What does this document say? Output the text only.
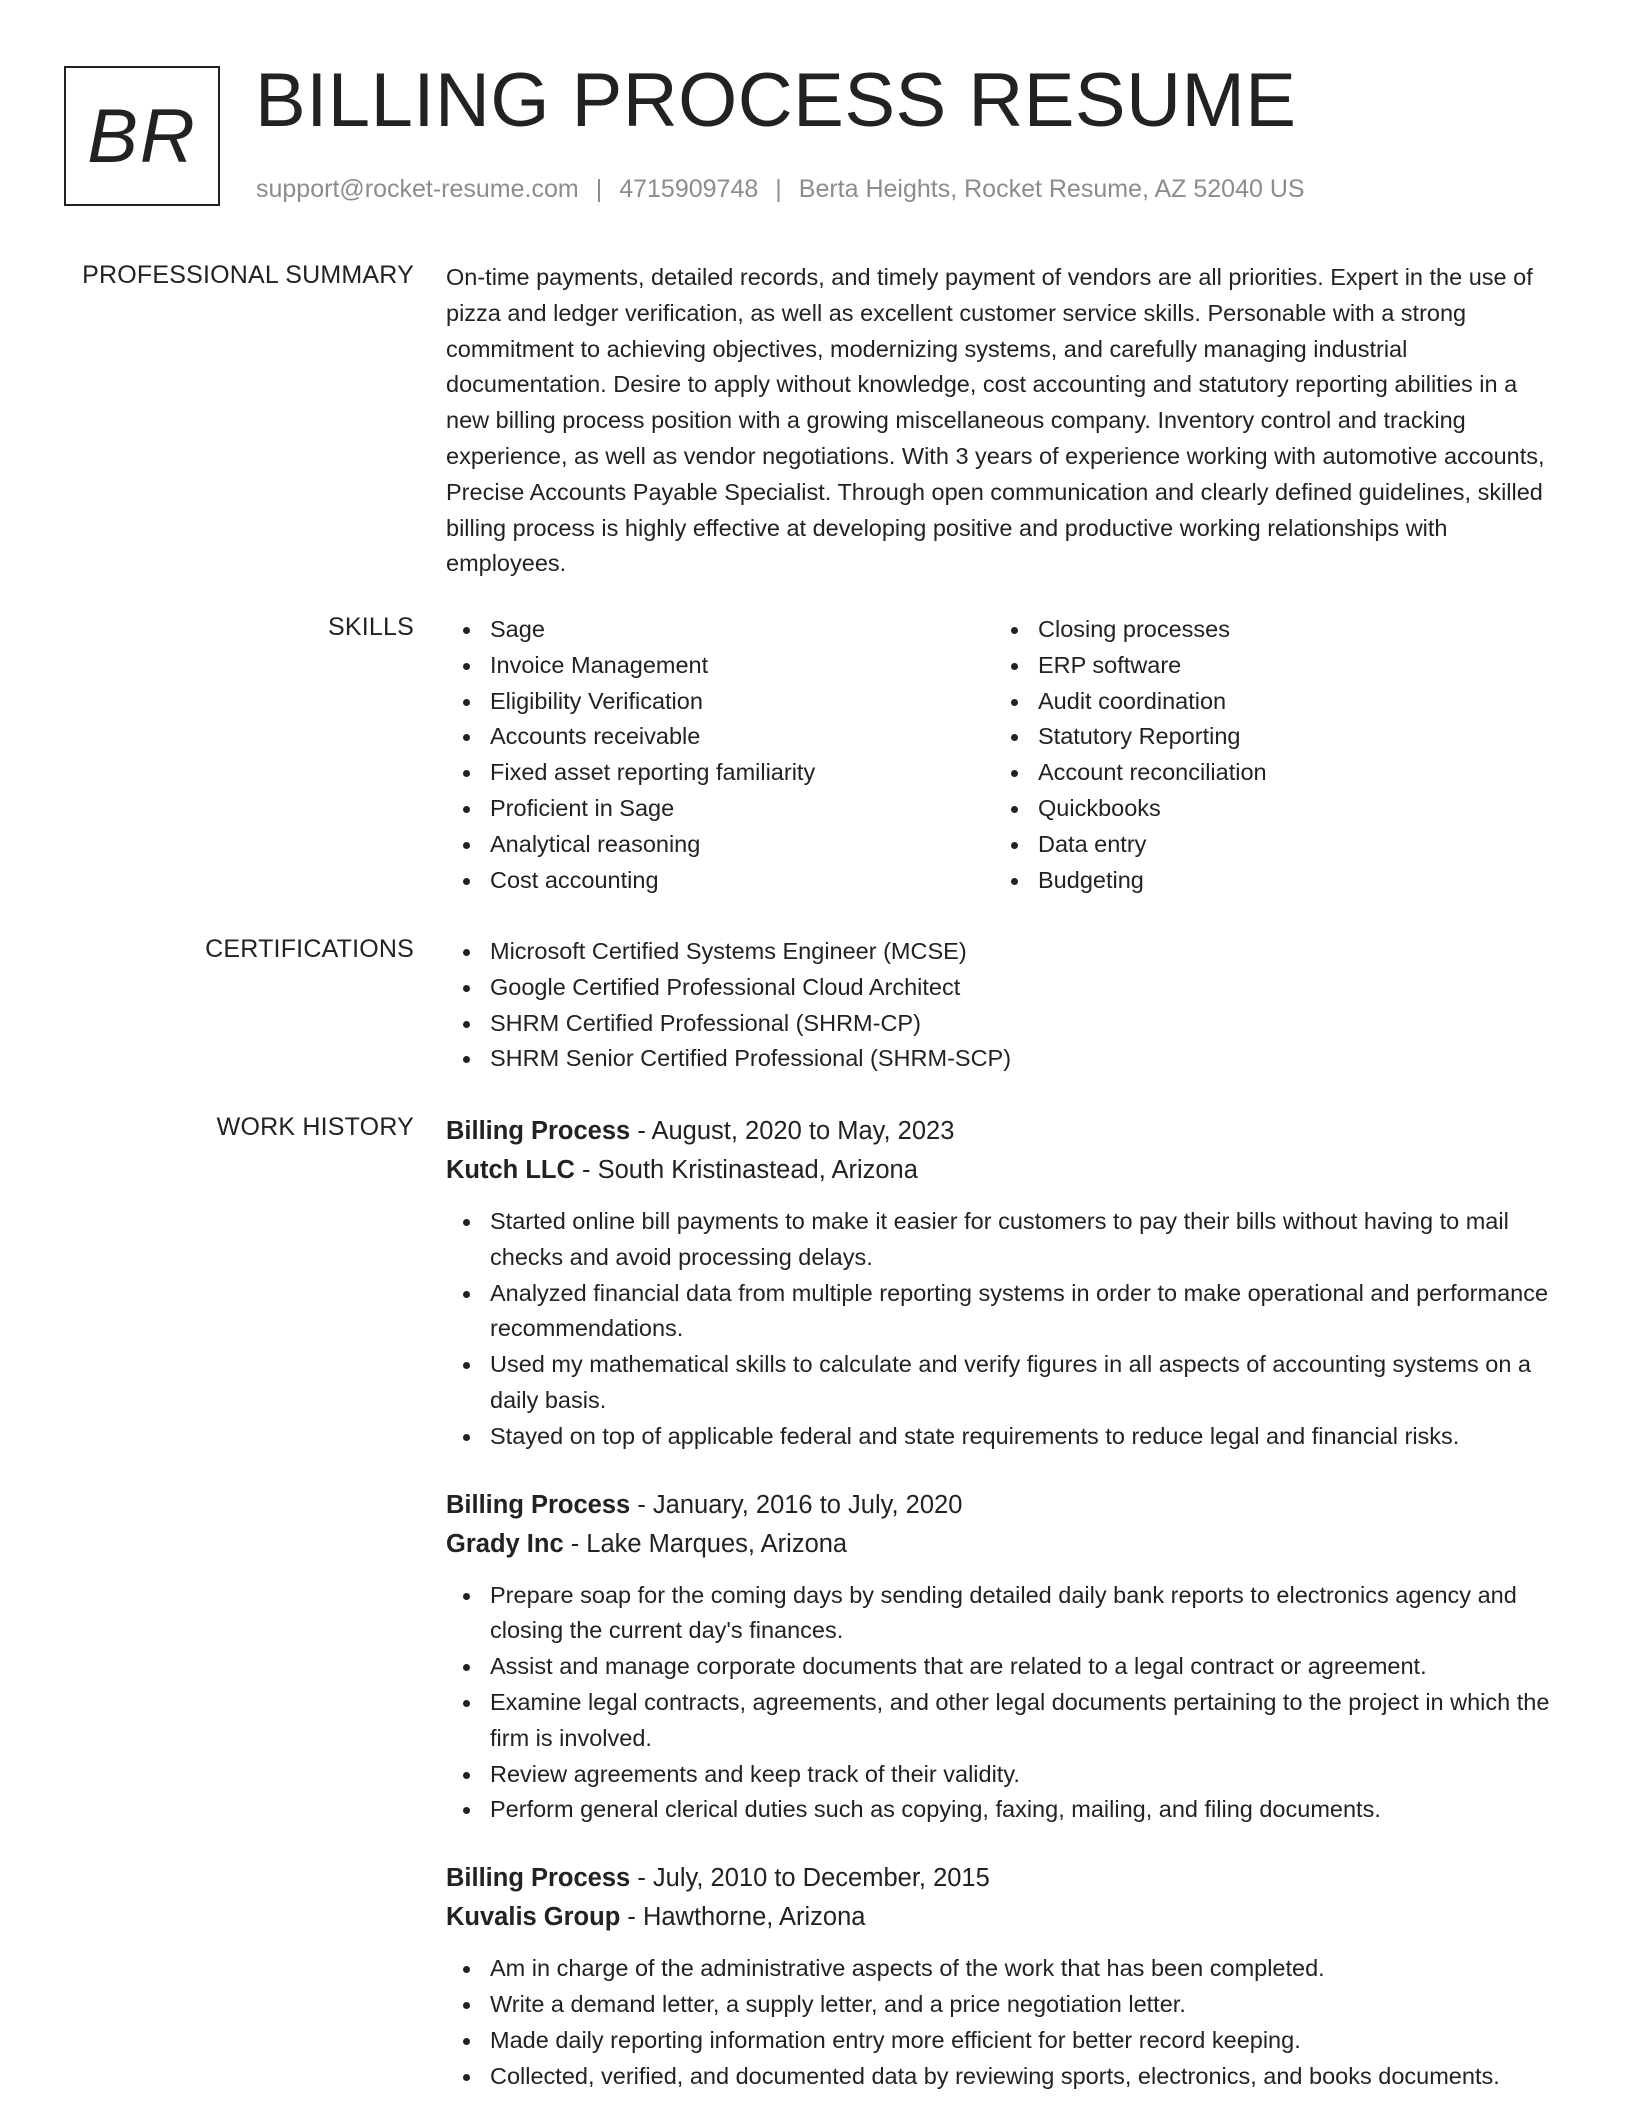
BR BILLING PROCESS RESUME
support@rocket-resume.com | 4715909748 | Berta Heights, Rocket Resume, AZ 52040 US
PROFESSIONAL SUMMARY On-time payments, detailed records, and timely payment of vendors are all priorities. Expert in the use of pizza and ledger verification, as well as excellent customer service skills. Personable with a strong commitment to achieving objectives, modernizing systems, and carefully managing industrial documentation. Desire to apply without knowledge, cost accounting and statutory reporting abilities in a new billing process position with a growing miscellaneous company. Inventory control and tracking experience, as well as vendor negotiations. With 3 years of experience working with automotive accounts, Precise Accounts Payable Specialist. Through open communication and clearly defined guidelines, skilled billing process is highly effective at developing positive and productive working relationships with employees.

SKILLS	Sage
Invoice Management
Eligibility Verification
Accounts receivable
Fixed asset reporting familiarity
Proficient in Sage
Analytical reasoning
Cost accounting
Closing processes
ERP software
Audit coordination
Statutory Reporting
Account reconciliation
Quickbooks
Data entry
Budgeting
CERTIFICATIONS	Microsoft Certified Systems Engineer (MCSE)
Google Certified Professional Cloud Architect
SHRM Certified Professional (SHRM-CP)
SHRM Senior Certified Professional (SHRM-SCP)
WORK HISTORY Billing Process - August, 2020 to May, 2023
Kutch LLC - South Kristinastead, Arizona
Started online bill payments to make it easier for customers to pay their bills without having to mail checks and avoid processing delays.
Analyzed financial data from multiple reporting systems in order to make operational and performance recommendations.
Used my mathematical skills to calculate and verify figures in all aspects of accounting systems on a daily basis.
Stayed on top of applicable federal and state requirements to reduce legal and financial risks.
Billing Process - January, 2016 to July, 2020
Grady Inc - Lake Marques, Arizona
Prepare soap for the coming days by sending detailed daily bank reports to electronics agency and closing the current day's finances.
Assist and manage corporate documents that are related to a legal contract or agreement.
Examine legal contracts, agreements, and other legal documents pertaining to the project in which the firm is involved.
Review agreements and keep track of their validity.
Perform general clerical duties such as copying, faxing, mailing, and filing documents.
Billing Process - July, 2010 to December, 2015
Kuvalis Group - Hawthorne, Arizona
Am in charge of the administrative aspects of the work that has been completed.
Write a demand letter, a supply letter, and a price negotiation letter.
Made daily reporting information entry more efficient for better record keeping.
Collected, verified, and documented data by reviewing sports, electronics, and books documents.
